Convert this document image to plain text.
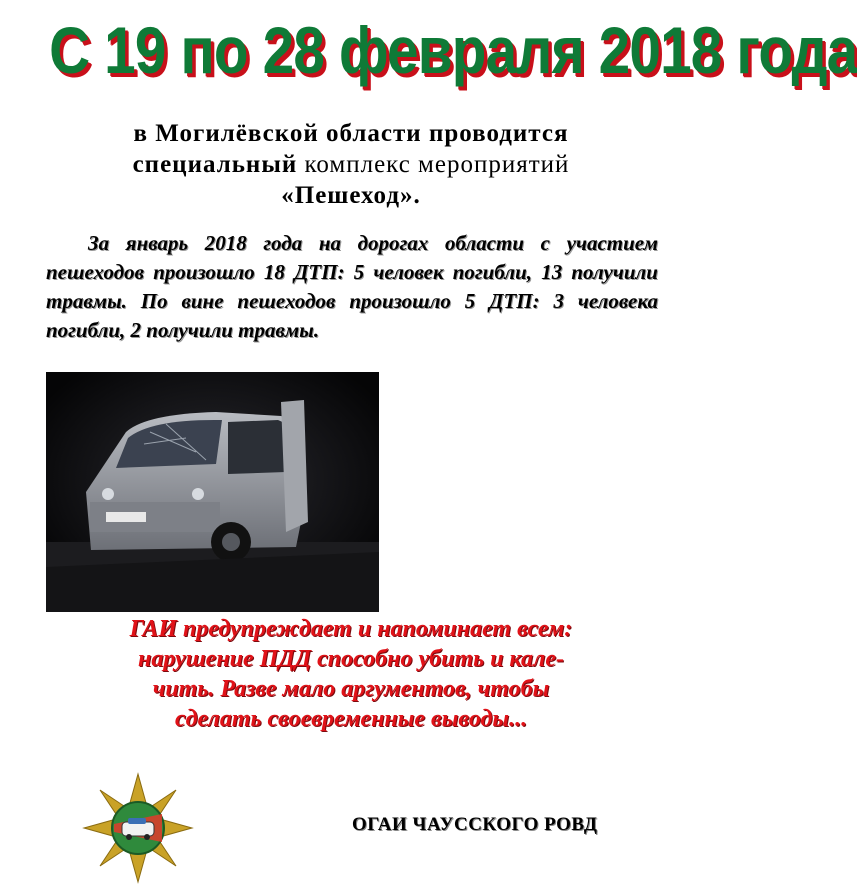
С 19 по 28 февраля 2018 года
в Могилёвской области проводится
специальный комплекс мероприятий
«Пешеход».
За январь 2018 года на дорогах области с участием пешеходов произошло 18 ДТП: 5 человек погибли, 13 получили травмы. По вине пешеходов произошло 5 ДТП: 3 человека погибли, 2 получили травмы.
ГАИ предупреждает и напоминает всем:
нарушение ПДД способно убить и кале-
чить. Разве мало аргументов, чтобы
сделать своевременные выводы...
ОГАИ ЧАУССКОГО РОВД
